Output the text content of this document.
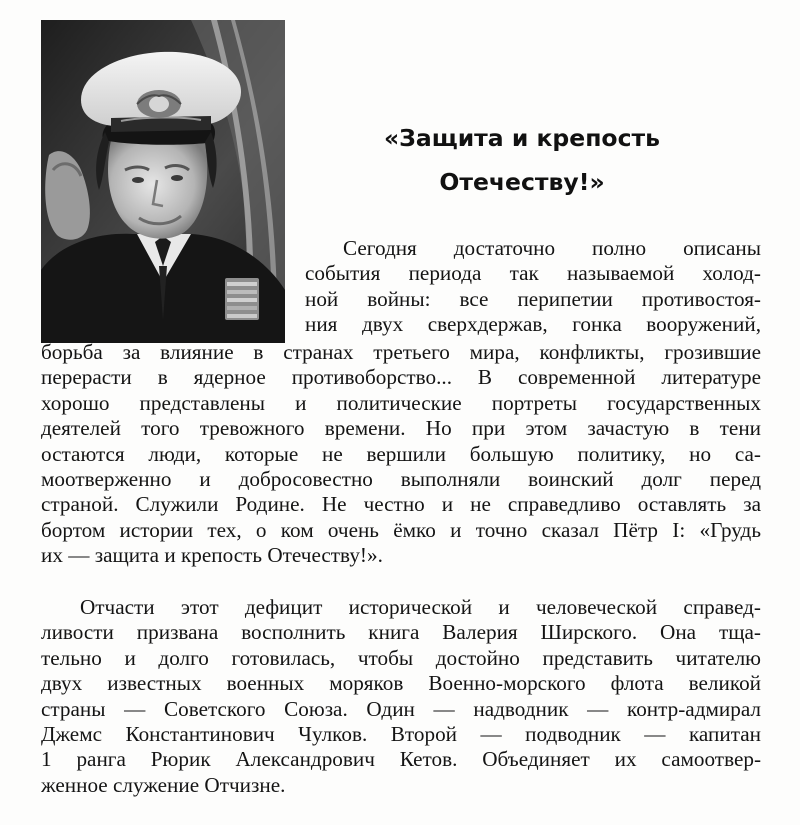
«Защита и крепость
Отечеству!»
Сегодня достаточно полно описаны
события периода так называемой холод-
ной войны: все перипетии противостоя-
ния двух сверхдержав, гонка вооружений,
борьба за влияние в странах третьего мира, конфликты, грозившие
перерасти в ядерное противоборство... В современной литературе
хорошо представлены и политические портреты государственных
деятелей того тревожного времени. Но при этом зачастую в тени
остаются люди, которые не вершили большую политику, но са-
моотверженно и добросовестно выполняли воинский долг перед
страной. Служили Родине. Не честно и не справедливо оставлять за
бортом истории тех, о ком очень ёмко и точно сказал Пётр I: «Грудь
их — защита и крепость Отечеству!».
Отчасти этот дефицит исторической и человеческой справед-
ливости призвана восполнить книга Валерия Ширского. Она тща-
тельно и долго готовилась, чтобы достойно представить читателю
двух известных военных моряков Военно-морского флота великой
страны — Советского Союза. Один — надводник — контр-адмирал
Джемс Константинович Чулков. Второй — подводник — капитан
1 ранга Рюрик Александрович Кетов. Объединяет их самоотвер-
женное служение Отчизне.
